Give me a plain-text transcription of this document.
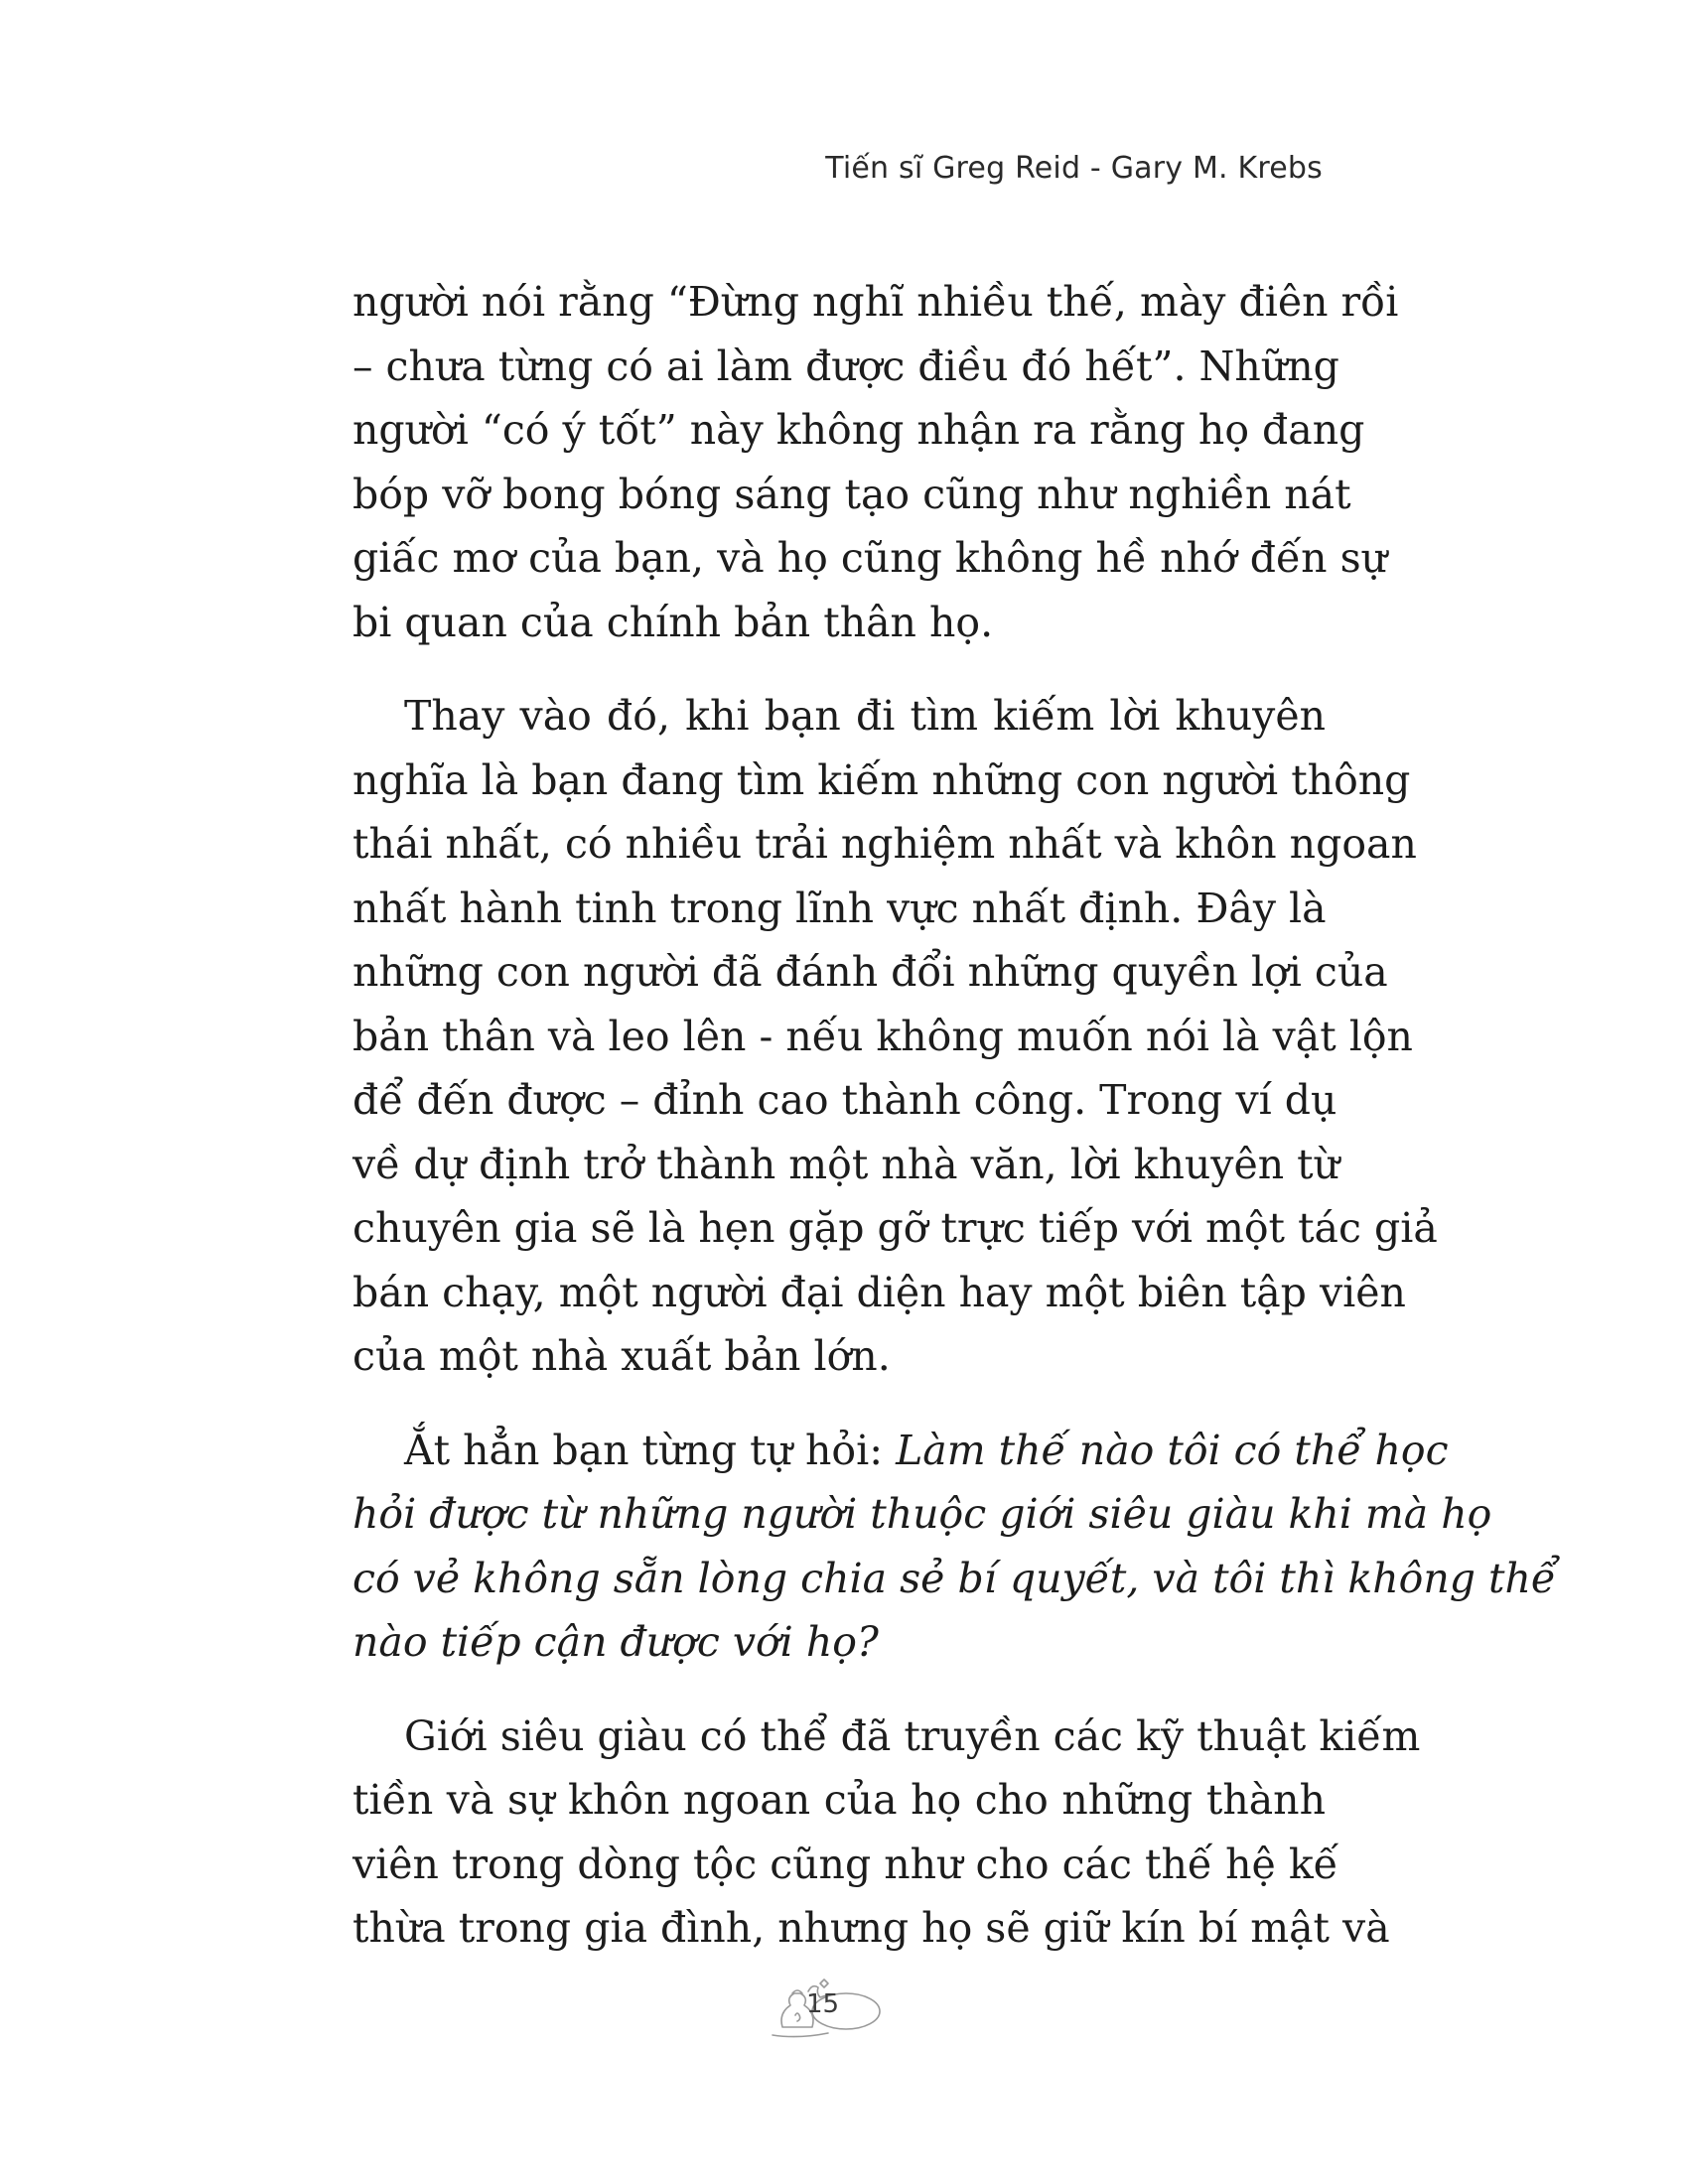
Tiến sĩ Greg Reid - Gary M. Krebs

người nói rằng “Đừng nghĩ nhiều thế, mày điên rồi
– chưa từng có ai làm được điều đó hết”. Những
người “có ý tốt” này không nhận ra rằng họ đang
bóp vỡ bong bóng sáng tạo cũng như nghiền nát
giấc mơ của bạn, và họ cũng không hề nhớ đến sự
bi quan của chính bản thân họ.

Thay vào đó, khi bạn đi tìm kiếm lời khuyên
nghĩa là bạn đang tìm kiếm những con người thông
thái nhất, có nhiều trải nghiệm nhất và khôn ngoan
nhất hành tinh trong lĩnh vực nhất định. Đây là
những con người đã đánh đổi những quyền lợi của
bản thân và leo lên - nếu không muốn nói là vật lộn
để đến được – đỉnh cao thành công. Trong ví dụ
về dự định trở thành một nhà văn, lời khuyên từ
chuyên gia sẽ là hẹn gặp gỡ trực tiếp với một tác giả
bán chạy, một người đại diện hay một biên tập viên
của một nhà xuất bản lớn.

Ắt hẳn bạn từng tự hỏi: Làm thế nào tôi có thể học
hỏi được từ những người thuộc giới siêu giàu khi mà họ
có vẻ không sẵn lòng chia sẻ bí quyết, và tôi thì không thể
nào tiếp cận được với họ?

Giới siêu giàu có thể đã truyền các kỹ thuật kiếm
tiền và sự khôn ngoan của họ cho những thành
viên trong dòng tộc cũng như cho các thế hệ kế
thừa trong gia đình, nhưng họ sẽ giữ kín bí mật và

15
